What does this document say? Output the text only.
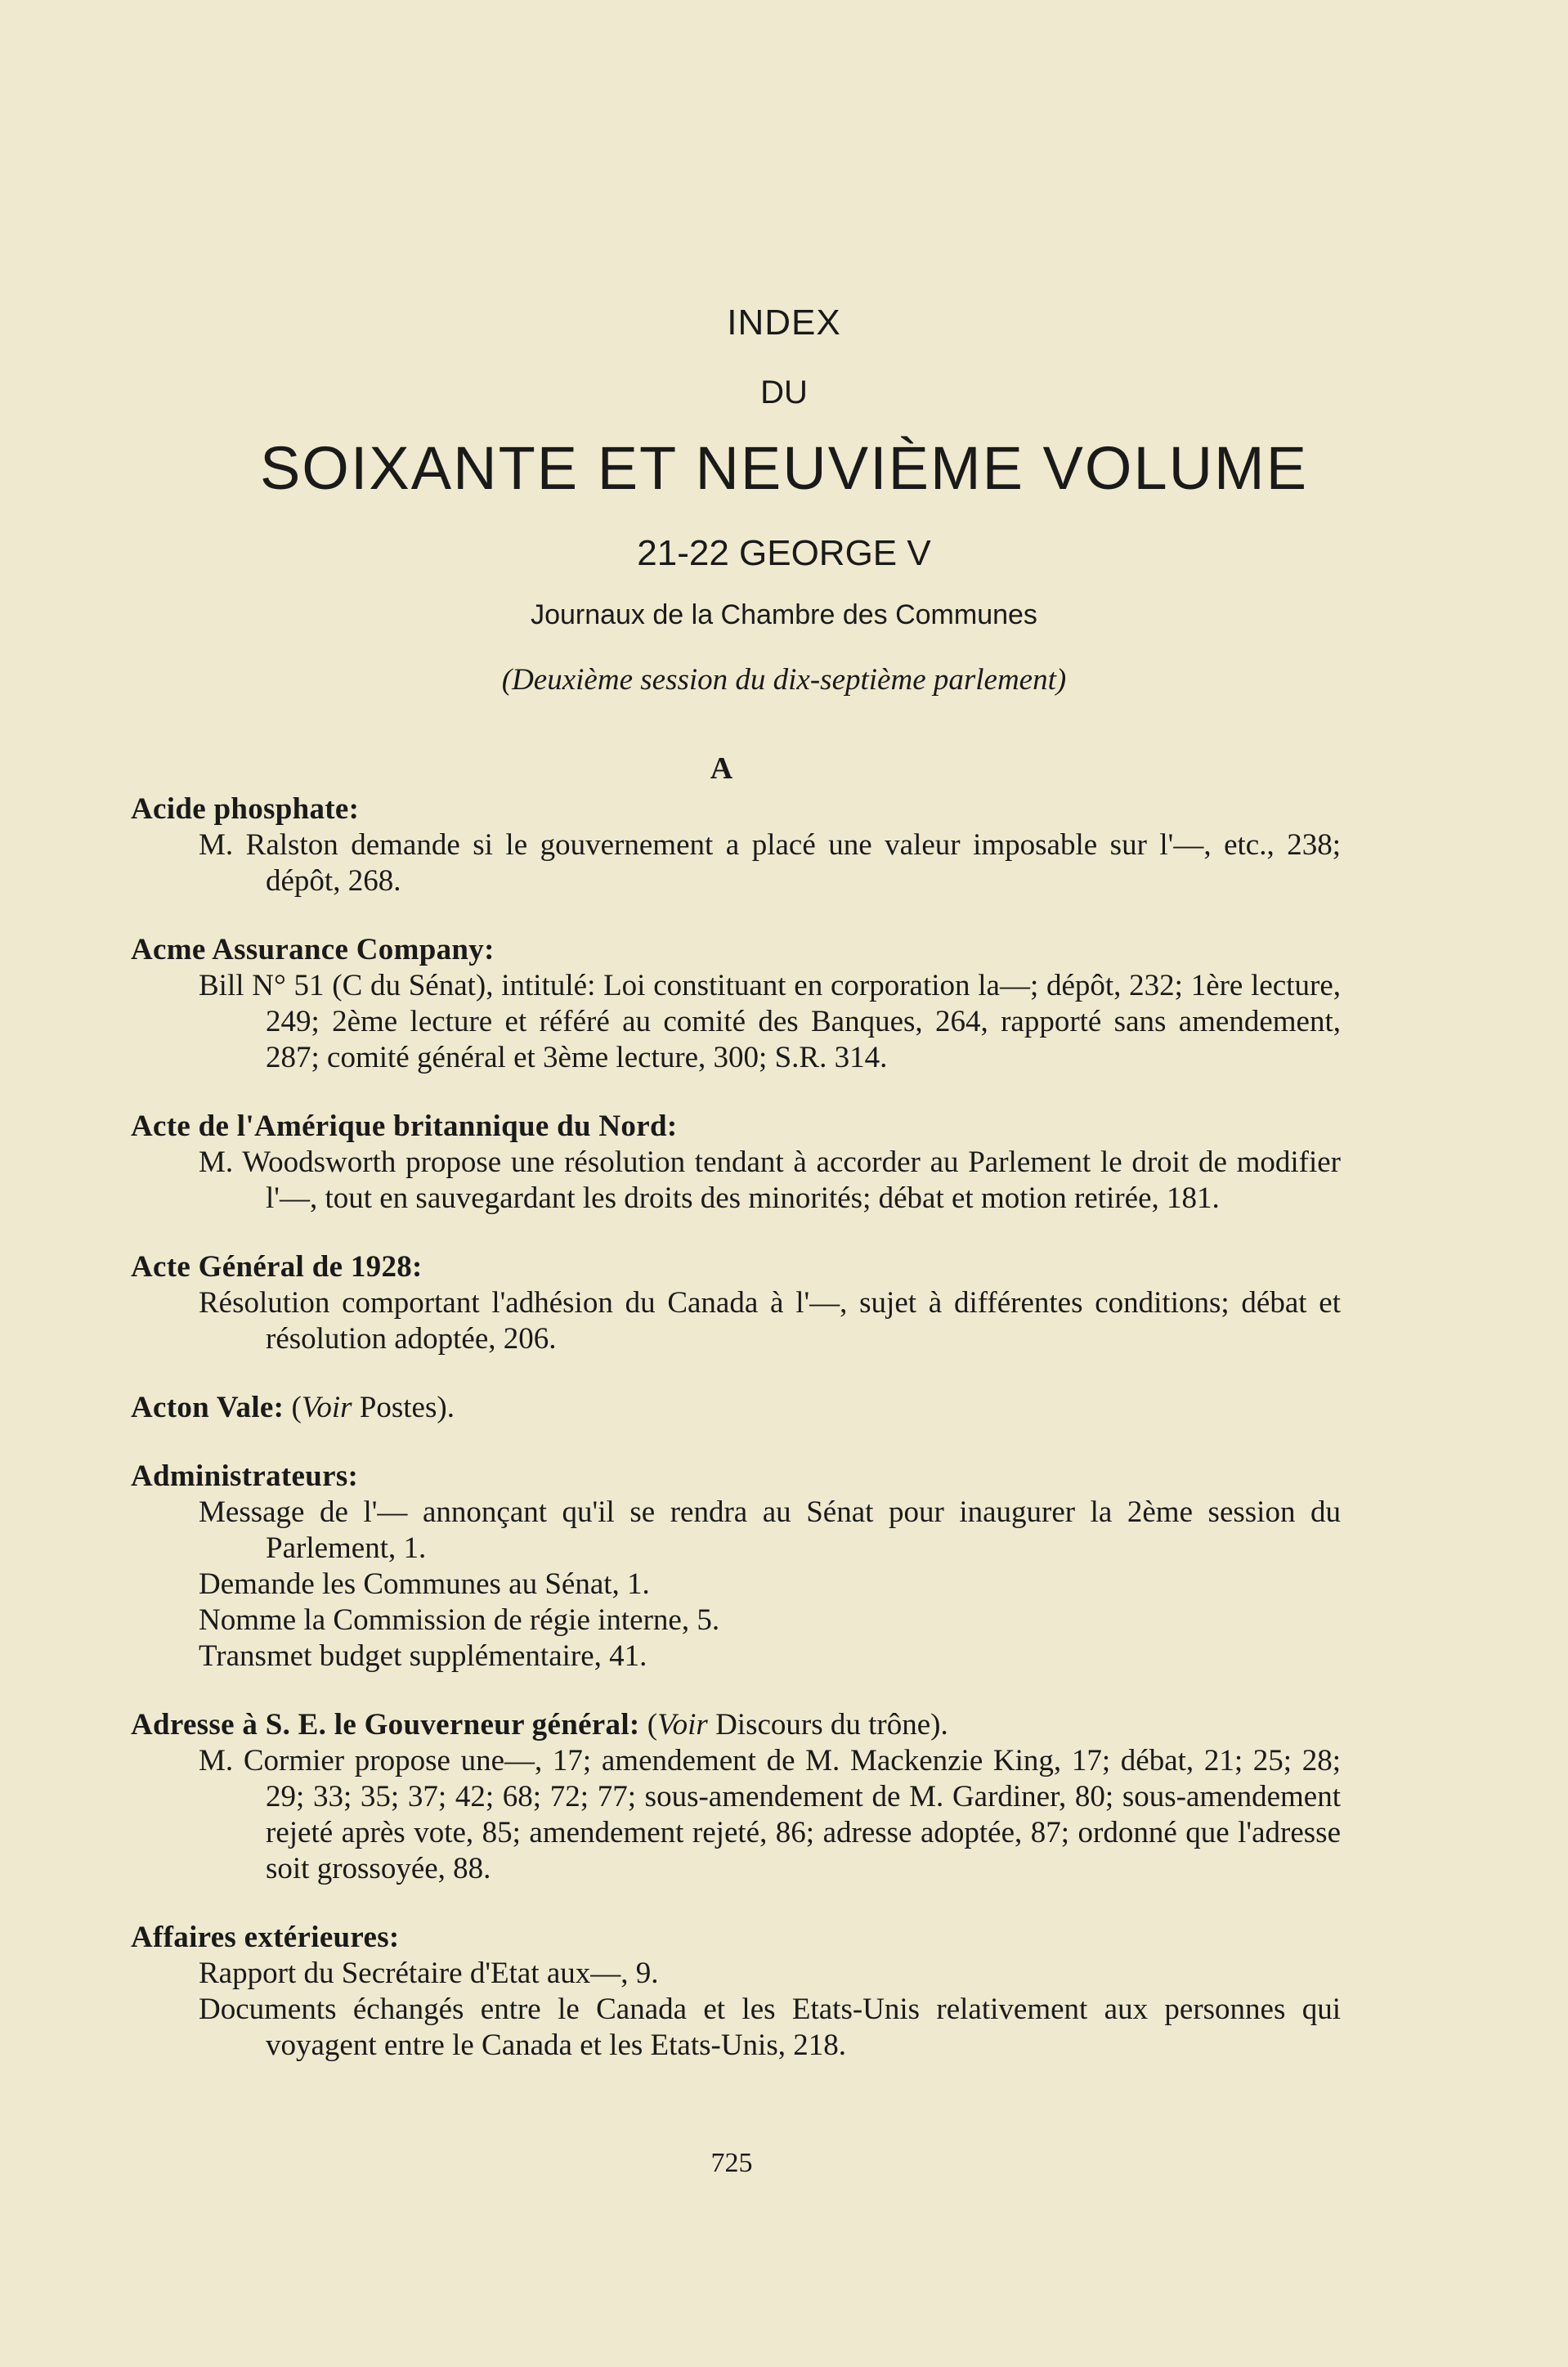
INDEX
DU
SOIXANTE ET NEUVIÈME VOLUME
21-22 GEORGE V
Journaux de la Chambre des Communes
(Deuxième session du dix-septième parlement)
A
Acide phosphate:
M. Ralston demande si le gouvernement a placé une valeur imposable sur l'—, etc., 238; dépôt, 268.
Acme Assurance Company:
Bill N° 51 (C du Sénat), intitulé: Loi constituant en corporation la—; dépôt, 232; 1ère lecture, 249; 2ème lecture et référé au comité des Banques, 264, rapporté sans amendement, 287; comité général et 3ème lecture, 300; S.R. 314.
Acte de l'Amérique britannique du Nord:
M. Woodsworth propose une résolution tendant à accorder au Parlement le droit de modifier l'—, tout en sauvegardant les droits des minorités; débat et motion retirée, 181.
Acte Général de 1928:
Résolution comportant l'adhésion du Canada à l'—, sujet à différentes conditions; débat et résolution adoptée, 206.
Acton Vale: (Voir Postes).
Administrateurs:
Message de l'— annonçant qu'il se rendra au Sénat pour inaugurer la 2ème session du Parlement, 1.
Demande les Communes au Sénat, 1.
Nomme la Commission de régie interne, 5.
Transmet budget supplémentaire, 41.
Adresse à S. E. le Gouverneur général: (Voir Discours du trône).
M. Cormier propose une—, 17; amendement de M. Mackenzie King, 17; débat, 21; 25; 28; 29; 33; 35; 37; 42; 68; 72; 77; sous-amendement de M. Gardiner, 80; sous-amendement rejeté après vote, 85; amendement rejeté, 86; adresse adoptée, 87; ordonné que l'adresse soit grossoyée, 88.
Affaires extérieures:
Rapport du Secrétaire d'Etat aux—, 9.
Documents échangés entre le Canada et les Etats-Unis relativement aux personnes qui voyagent entre le Canada et les Etats-Unis, 218.
725
